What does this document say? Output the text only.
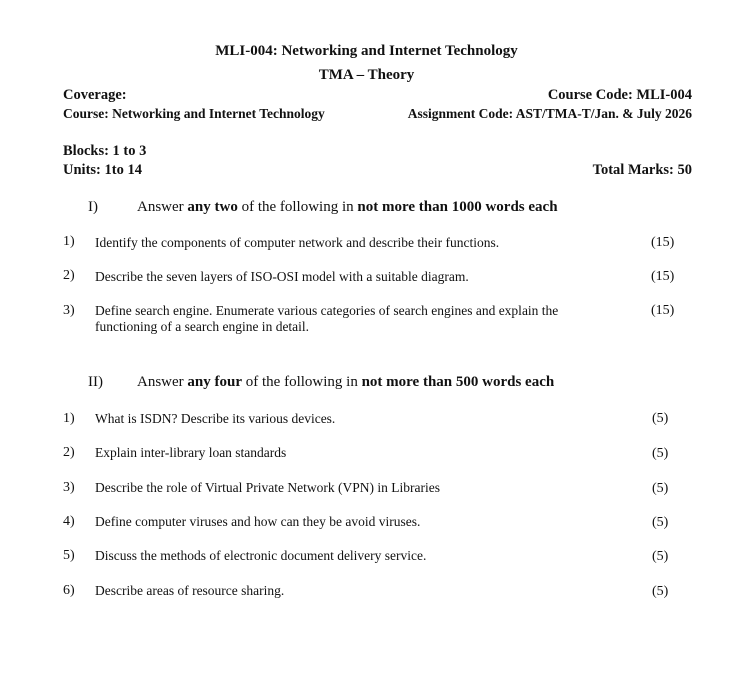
MLI-004: Networking and Internet Technology
TMA – Theory
Coverage:	Course Code: MLI-004
Course: Networking and Internet Technology	Assignment Code: AST/TMA-T/Jan. & July 2026
Blocks: 1 to 3
Units: 1to 14	Total Marks: 50
I)	Answer any two of the following in not more than 1000 words each
1) Identify the components of computer network and describe their functions.	(15)
2) Describe the seven layers of ISO-OSI model with a suitable diagram.	(15)
3) Define search engine. Enumerate various categories of search engines and explain the
functioning of a search engine in detail.
(15)
II) Answer any four of the following in not more than 500 words each
1) What is ISDN? Describe its various devices.	(5)
2) Explain inter-library loan standards	(5)
3) Describe the role of Virtual Private Network (VPN) in Libraries	(5)
4) Define computer viruses and how can they be avoid viruses.	(5)
5) Discuss the methods of electronic document delivery service.	(5)
6) Describe areas of resource sharing.	(5)
